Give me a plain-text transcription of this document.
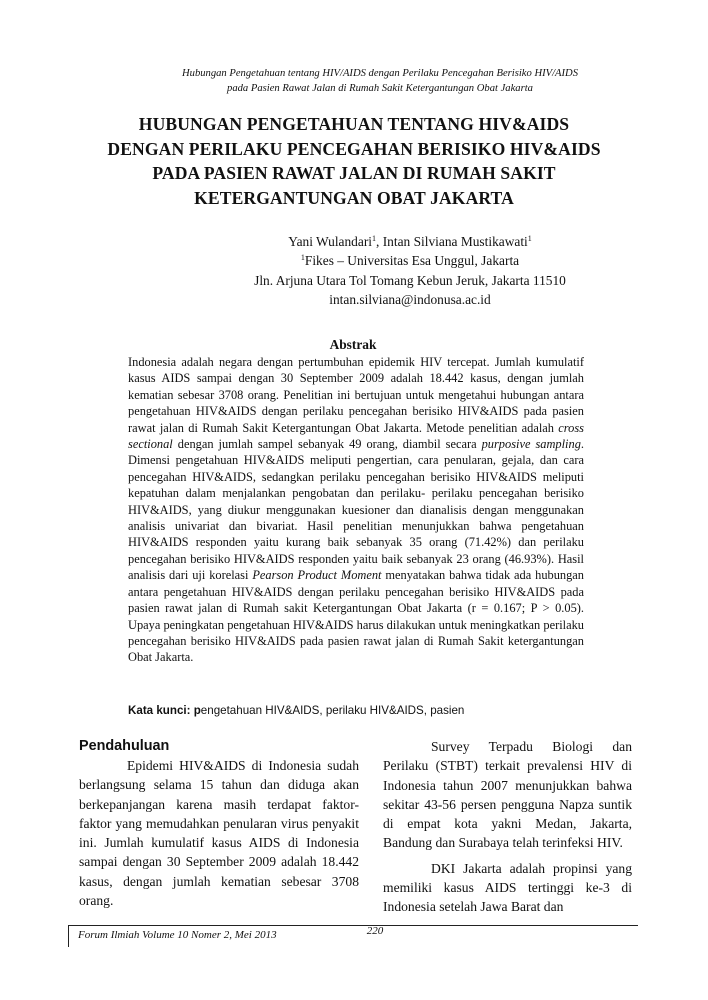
Hubungan Pengetahuan tentang HIV/AIDS dengan Perilaku Pencegahan Berisiko HIV/AIDS
pada Pasien Rawat Jalan di Rumah Sakit Ketergantungan Obat Jakarta
HUBUNGAN PENGETAHUAN TENTANG HIV&AIDS
DENGAN PERILAKU PENCEGAHAN BERISIKO HIV&AIDS
PADA PASIEN RAWAT JALAN DI RUMAH SAKIT
KETERGANTUNGAN OBAT JAKARTA
Yani Wulandari$^1$, Intan Silviana Mustikawati$^1$
$^1$Fikes – Universitas Esa Unggul, Jakarta
Jln. Arjuna Utara Tol Tomang Kebun Jeruk, Jakarta 11510
intan.silviana@indonusa.ac.id
Abstrak
Indonesia adalah negara dengan pertumbuhan epidemik HIV tercepat. Jumlah kumulatif kasus AIDS sampai dengan 30 September 2009 adalah 18.442 kasus, dengan jumlah kematian sebesar 3708 orang. Penelitian ini bertujuan untuk mengetahui hubungan antara pengetahuan HIV&AIDS dengan perilaku pencegahan berisiko HIV&AIDS pada pasien rawat jalan di Rumah Sakit Ketergantungan Obat Jakarta. Metode penelitian adalah cross sectional dengan jumlah sampel sebanyak 49 orang, diambil secara purposive sampling. Dimensi pengetahuan HIV&AIDS meliputi pengertian, cara penularan, gejala, dan cara pencegahan HIV&AIDS, sedangkan perilaku pencegahan berisiko HIV&AIDS meliputi kepatuhan dalam menjalankan pengobatan dan perilaku- perilaku pencegahan berisiko HIV&AIDS, yang diukur menggunakan kuesioner dan dianalisis dengan menggunakan analisis univariat dan bivariat. Hasil penelitian menunjukkan bahwa pengetahuan HIV&AIDS responden yaitu kurang baik sebanyak 35 orang (71.42%) dan perilaku pencegahan berisiko HIV&AIDS responden yaitu baik sebanyak 23 orang (46.93%). Hasil analisis dari uji korelasi Pearson Product Moment menyatakan bahwa tidak ada hubungan antara pengetahuan HIV&AIDS dengan perilaku pencegahan berisiko HIV&AIDS pada pasien rawat jalan di Rumah sakit Ketergantungan Obat Jakarta (r = 0.167; P > 0.05). Upaya peningkatan pengetahuan HIV&AIDS harus dilakukan untuk meningkatkan perilaku pencegahan berisiko HIV&AIDS pada pasien rawat jalan di Rumah Sakit ketergantungan Obat Jakarta.
Kata kunci: pengetahuan HIV&AIDS, perilaku HIV&AIDS, pasien
Pendahuluan

Epidemi HIV&AIDS di Indonesia sudah berlangsung selama 15 tahun dan diduga akan berkepanjangan karena masih terdapat faktor-faktor yang memudahkan penularan virus penyakit ini. Jumlah kumulatif kasus AIDS di Indonesia sampai dengan 30 September 2009 adalah 18.442 kasus, dengan jumlah kematian sebesar 3708 orang.

Survey Terpadu Biologi dan Perilaku (STBT) terkait prevalensi HIV di Indonesia tahun 2007 menunjukkan bahwa sekitar 43-56 persen pengguna Napza suntik di empat kota yakni Medan, Jakarta, Bandung dan Surabaya telah terinfeksi HIV.

DKI Jakarta adalah propinsi yang memiliki kasus AIDS tertinggi ke-3 di Indonesia setelah Jawa Barat dan

Forum Ilmiah Volume 10 Nomer 2, Mei 2013	220
